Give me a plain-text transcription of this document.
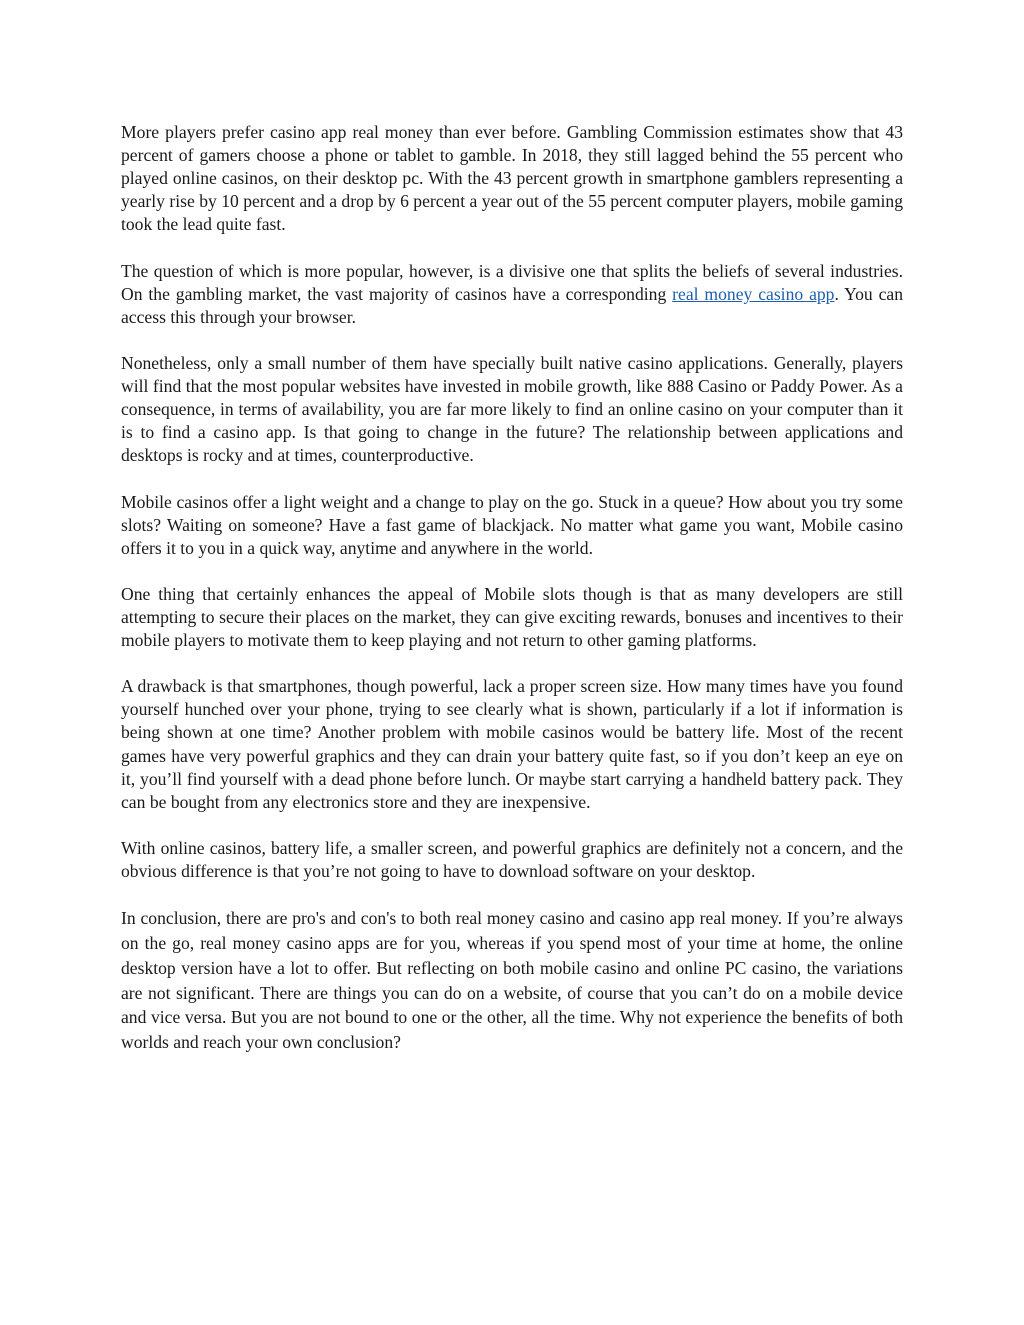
More players prefer casino app real money than ever before. Gambling Commission estimates show that 43 percent of gamers choose a phone or tablet to gamble. In 2018, they still lagged behind the 55 percent who played online casinos, on their desktop pc. With the 43 percent growth in smartphone gamblers representing a yearly rise by 10 percent and a drop by 6 percent a year out of the 55 percent computer players, mobile gaming took the lead quite fast.

The question of which is more popular, however, is a divisive one that splits the beliefs of several industries. On the gambling market, the vast majority of casinos have a corresponding real money casino app. You can access this through your browser.

Nonetheless, only a small number of them have specially built native casino applications. Generally, players will find that the most popular websites have invested in mobile growth, like 888 Casino or Paddy Power. As a consequence, in terms of availability, you are far more likely to find an online casino on your computer than it is to find a casino app. Is that going to change in the future? The relationship between applications and desktops is rocky and at times, counterproductive.

Mobile casinos offer a light weight and a change to play on the go. Stuck in a queue? How about you try some slots? Waiting on someone? Have a fast game of blackjack. No matter what game you want, Mobile casino offers it to you in a quick way, anytime and anywhere in the world.

One thing that certainly enhances the appeal of Mobile slots though is that as many developers are still attempting to secure their places on the market, they can give exciting rewards, bonuses and incentives to their mobile players to motivate them to keep playing and not return to other gaming platforms.

A drawback is that smartphones, though powerful, lack a proper screen size. How many times have you found yourself hunched over your phone, trying to see clearly what is shown, particularly if a lot if information is being shown at one time? Another problem with mobile casinos would be battery life. Most of the recent games have very powerful graphics and they can drain your battery quite fast, so if you don’t keep an eye on it, you’ll find yourself with a dead phone before lunch. Or maybe start carrying a handheld battery pack. They can be bought from any electronics store and they are inexpensive.

With online casinos, battery life, a smaller screen, and powerful graphics are definitely not a concern, and the obvious difference is that you’re not going to have to download software on your desktop.

In conclusion, there are pro's and con's to both real money casino and casino app real money. If you’re always on the go, real money casino apps are for you, whereas if you spend most of your time at home, the online desktop version have a lot to offer. But reflecting on both mobile casino and online PC casino, the variations are not significant. There are things you can do on a website, of course that you can’t do on a mobile device and vice versa. But you are not bound to one or the other, all the time. Why not experience the benefits of both worlds and reach your own conclusion?
